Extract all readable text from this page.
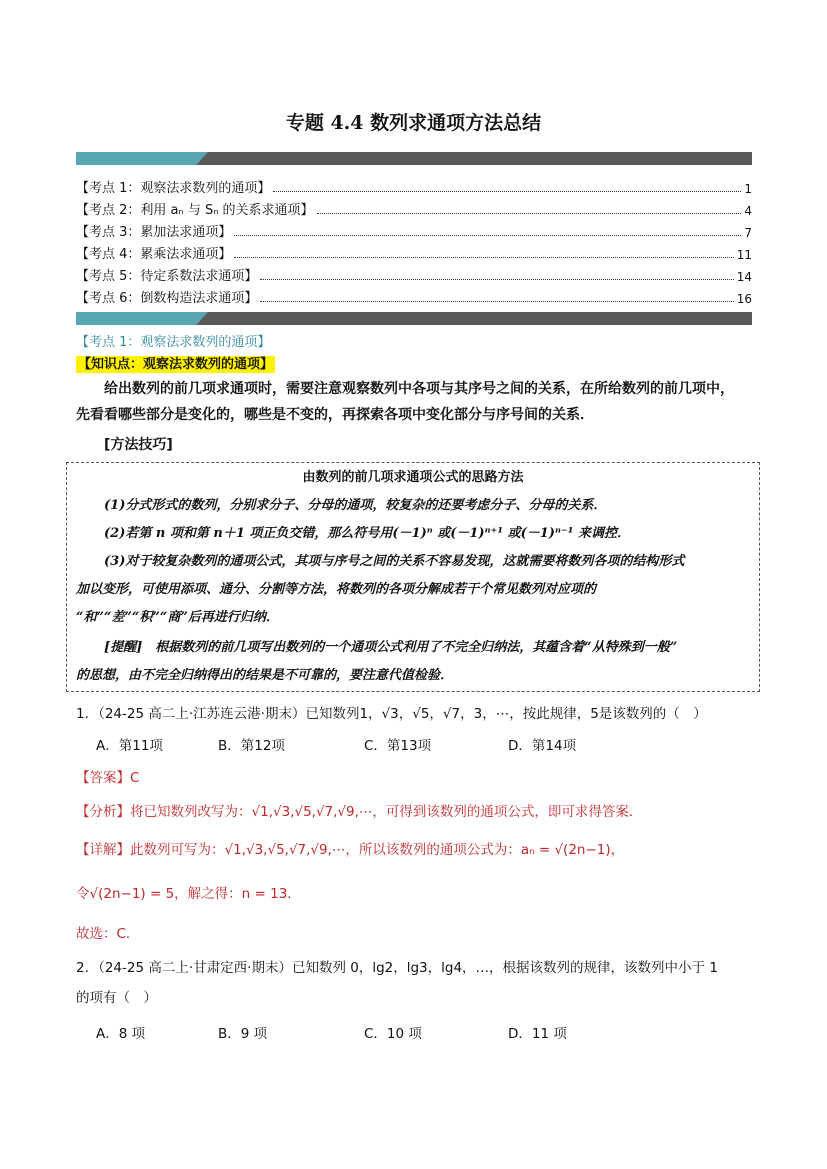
专题 4.4 数列求通项方法总结
【考点 1：观察法求数列的通项】	1
【考点 2：利用 aₙ 与 Sₙ 的关系求通项】	4
【考点 3：累加法求通项】	7
【考点 4：累乘法求通项】	11
【考点 5：待定系数法求通项】	14
【考点 6：倒数构造法求通项】	16
【考点 1：观察法求数列的通项】
【知识点：观察法求数列的通项】
给出数列的前几项求通项时，需要注意观察数列中各项与其序号之间的关系，在所给数列的前几项中，
先看看哪些部分是变化的，哪些是不变的，再探索各项中变化部分与序号间的关系．
[方法技巧]
由数列的前几项求通项公式的思路方法
(1)分式形式的数列，分别求分子、分母的通项，较复杂的还要考虑分子、分母的关系．
(2)若第 n 项和第 n＋1 项正负交错，那么符号用(－1)ⁿ 或(－1)ⁿ⁺¹ 或(－1)ⁿ⁻¹ 来调控．
(3)对于较复杂数列的通项公式，其项与序号之间的关系不容易发现，这就需要将数列各项的结构形式
加以变形，可使用添项、通分、分割等方法，将数列的各项分解成若干个常见数列对应项的
“和”“差”“积”“商”后再进行归纳．
[提醒]　根据数列的前几项写出数列的一个通项公式利用了不完全归纳法，其蕴含着“从特殊到一般”
的思想，由不完全归纳得出的结果是不可靠的，要注意代值检验．
1．（24-25 高二上·江苏连云港·期末）已知数列1，√3，√5，√7，3，⋯，按此规律，5是该数列的（　）
A．第11项	B．第12项	C．第13项	D．第14项
【答案】C
【分析】将已知数列改写为：√1,√3,√5,√7,√9,⋯，可得到该数列的通项公式，即可求得答案．
【详解】此数列可写为：√1,√3,√5,√7,√9,⋯，所以该数列的通项公式为：aₙ = √(2n−1)，
令√(2n−1) = 5，解之得：n = 13．
故选：C．
2．（24-25 高二上·甘肃定西·期末）已知数列 0，lg2，lg3，lg4，…，根据该数列的规律，该数列中小于 1
的项有（　）
A．8 项	B．9 项	C．10 项	D．11 项
